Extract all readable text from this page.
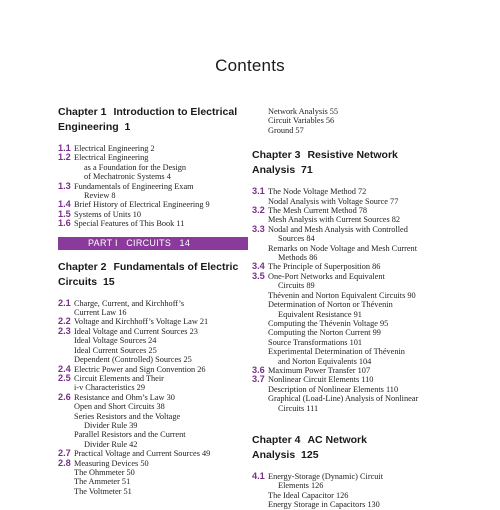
Contents
Chapter 1 Introduction to Electrical
Engineering 1
1.1 Electrical Engineering 2
1.2 Electrical Engineering
as a Foundation for the Design
of Mechatronic Systems 4
1.3 Fundamentals of Engineering Exam
Review 8
1.4 Brief History of Electrical Engineering 9
1.5 Systems of Units 10
1.6 Special Features of This Book 11
PART I CIRCUITS 14
Chapter 2 Fundamentals of Electric
Circuits 15
2.1 Charge, Current, and Kirchhoff’s
Current Law 16
2.2 Voltage and Kirchhoff’s Voltage Law 21
2.3 Ideal Voltage and Current Sources 23
Ideal Voltage Sources 24
Ideal Current Sources 25
Dependent (Controlled) Sources 25
2.4 Electric Power and Sign Convention 26
2.5 Circuit Elements and Their
i-v Characteristics 29
2.6 Resistance and Ohm’s Law 30
Open and Short Circuits 38
Series Resistors and the Voltage
Divider Rule 39
Parallel Resistors and the Current
Divider Rule 42
2.7 Practical Voltage and Current Sources 49
2.8 Measuring Devices 50
The Ohmmeter 50
The Ammeter 51
The Voltmeter 51
Network Analysis 55
Circuit Variables 56
Ground 57
Chapter 3 Resistive Network
Analysis 71
3.1 The Node Voltage Method 72
Nodal Analysis with Voltage Source 77
3.2 The Mesh Current Method 78
Mesh Analysis with Current Sources 82
3.3 Nodal and Mesh Analysis with Controlled
Sources 84
Remarks on Node Voltage and Mesh Current
Methods 86
3.4 The Principle of Superposition 86
3.5 One-Port Networks and Equivalent
Circuits 89
Thévenin and Norton Equivalent Circuits 90
Determination of Norton or Thévenin
Equivalent Resistance 91
Computing the Thévenin Voltage 95
Computing the Norton Current 99
Source Transformations 101
Experimental Determination of Thévenin
and Norton Equivalents 104
3.6 Maximum Power Transfer 107
3.7 Nonlinear Circuit Elements 110
Description of Nonlinear Elements 110
Graphical (Load-Line) Analysis of Nonlinear
Circuits 111
Chapter 4 AC Network
Analysis 125
4.1 Energy-Storage (Dynamic) Circuit
Elements 126
The Ideal Capacitor 126
Energy Storage in Capacitors 130
